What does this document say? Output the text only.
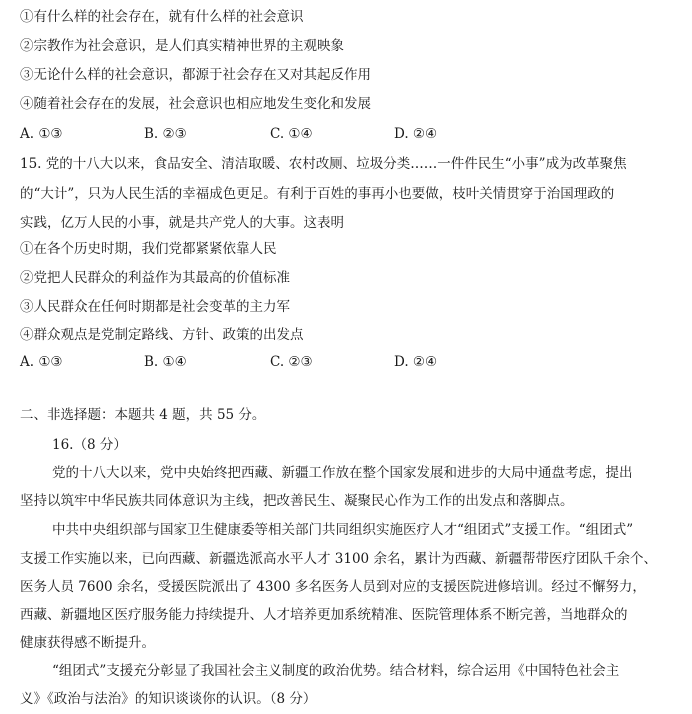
①有什么样的社会存在，就有什么样的社会意识
②宗教作为社会意识，是人们真实精神世界的主观映象
③无论什么样的社会意识，都源于社会存在又对其起反作用
④随着社会存在的发展，社会意识也相应地发生变化和发展
A. ①③	B. ②③	C. ①④	D. ②④
15. 党的十八大以来，食品安全、清洁取暖、农村改厕、垃圾分类……一件件民生“小事”成为改革聚焦
的“大计”，只为人民生活的幸福成色更足。有利于百姓的事再小也要做，枝叶关情贯穿于治国理政的
实践，亿万人民的小事，就是共产党人的大事。这表明
①在各个历史时期，我们党都紧紧依靠人民
②党把人民群众的利益作为其最高的价值标准
③人民群众在任何时期都是社会变革的主力军
④群众观点是党制定路线、方针、政策的出发点
A. ①③	B. ①④	C. ②③	D. ②④
二、非选择题：本题共 4 题，共 55 分。
16.（8 分）
党的十八大以来，党中央始终把西藏、新疆工作放在整个国家发展和进步的大局中通盘考虑，提出
坚持以筑牢中华民族共同体意识为主线，把改善民生、凝聚民心作为工作的出发点和落脚点。
中共中央组织部与国家卫生健康委等相关部门共同组织实施医疗人才“组团式”支援工作。“组团式”
支援工作实施以来，已向西藏、新疆选派高水平人才 3100 余名，累计为西藏、新疆帮带医疗团队千余个、
医务人员 7600 余名，受援医院派出了 4300 多名医务人员到对应的支援医院进修培训。经过不懈努力，
西藏、新疆地区医疗服务能力持续提升、人才培养更加系统精准、医院管理体系不断完善，当地群众的
健康获得感不断提升。
“组团式”支援充分彰显了我国社会主义制度的政治优势。结合材料，综合运用《中国特色社会主
义》《政治与法治》的知识谈谈你的认识。（8 分）
